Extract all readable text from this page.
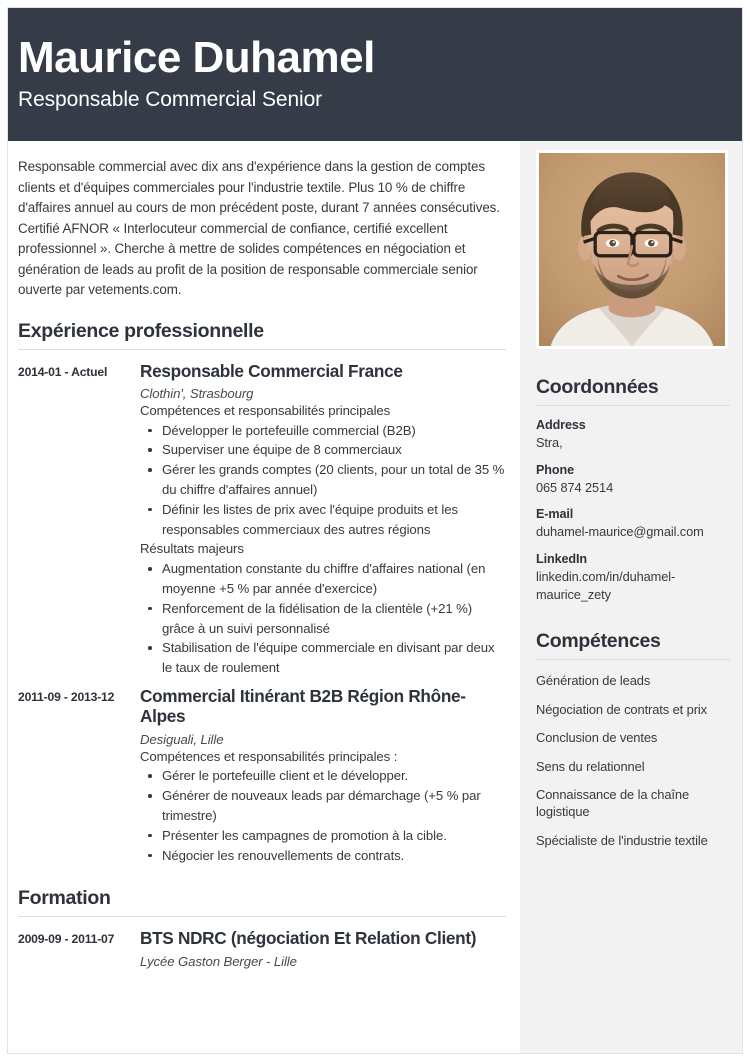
Maurice Duhamel
Responsable Commercial Senior
Responsable commercial avec dix ans d'expérience dans la gestion de comptes clients et d'équipes commerciales pour l'industrie textile. Plus 10 % de chiffre d'affaires annuel au cours de mon précédent poste, durant 7 années consécutives. Certifié AFNOR « Interlocuteur commercial de confiance, certifié excellent professionnel ». Cherche à mettre de solides compétences en négociation et génération de leads au profit de la position de responsable commerciale senior ouverte par vetements.com.
Expérience professionnelle
2014-01 - Actuel	Responsable Commercial France
Clothin', Strasbourg
Compétences et responsabilités principales
Développer le portefeuille commercial (B2B)
Superviser une équipe de 8 commerciaux
Gérer les grands comptes (20 clients, pour un total de 35 % du chiffre d'affaires annuel)
Définir les listes de prix avec l'équipe produits et les responsables commerciaux des autres régions
Résultats majeurs
Augmentation constante du chiffre d'affaires national (en moyenne +5 % par année d'exercice)
Renforcement de la fidélisation de la clientèle (+21 %) grâce à un suivi personnalisé
Stabilisation de l'équipe commerciale en divisant par deux le taux de roulement
2011-09 - 2013-12	Commercial Itinérant B2B Région Rhône-Alpes
Desiguali, Lille
Compétences et responsabilités principales :
Gérer le portefeuille client et le développer.
Générer de nouveaux leads par démarchage (+5 % par trimestre)
Présenter les campagnes de promotion à la cible.
Négocier les renouvellements de contrats.
Formation
2009-09 - 2011-07	BTS NDRC (négociation Et Relation Client)
Lycée Gaston Berger - Lille
Coordonnées
Address
Stra,
Phone
065 874 2514
E-mail
duhamel-maurice@gmail.com
LinkedIn
linkedin.com/in/duhamel-maurice_zety
Compétences
Génération de leads
Négociation de contrats et prix
Conclusion de ventes
Sens du relationnel
Connaissance de la chaîne logistique
Spécialiste de l'industrie textile
